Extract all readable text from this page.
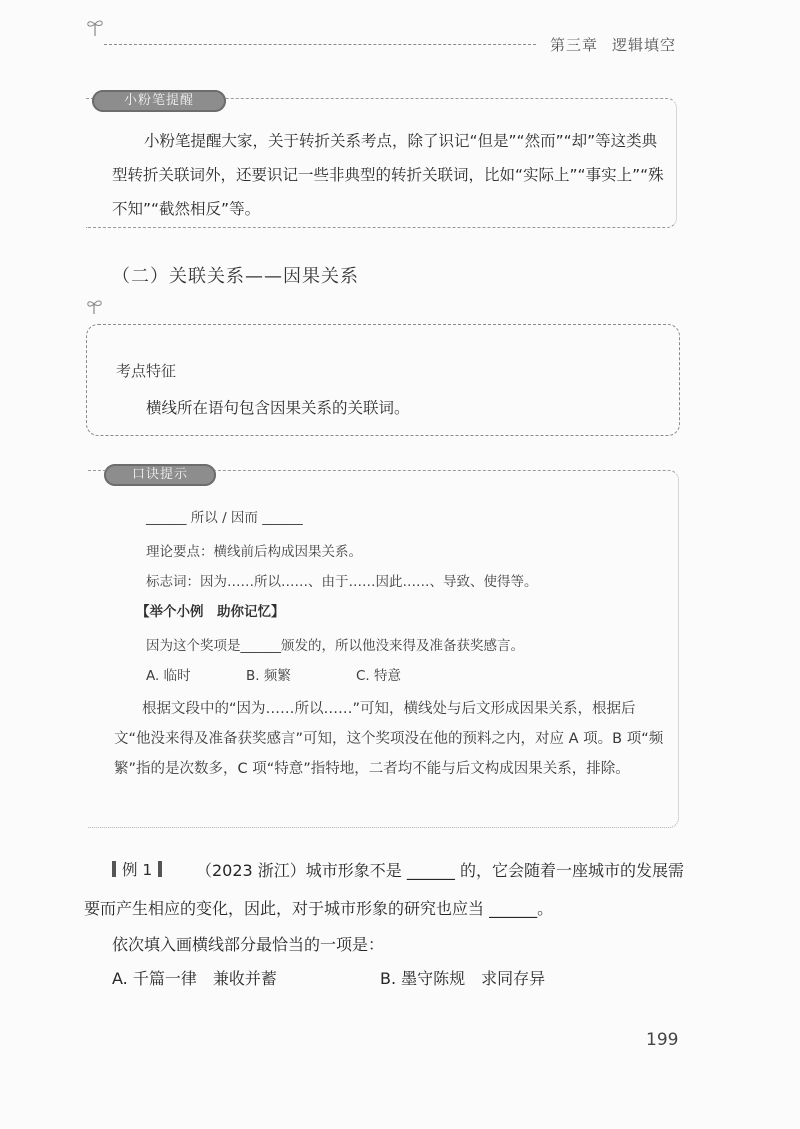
第三章 逻辑填空
小粉笔提醒
小粉笔提醒大家，关于转折关系考点，除了识记“但是”“然而”“却”等这类典型转折关联词外，还要识记一些非典型的转折关联词，比如“实际上”“事实上”“殊不知”“截然相反”等。
（二）关联关系——因果关系
考点特征
横线所在语句包含因果关系的关联词。
口诀提示
______ 所以 / 因而 ______
理论要点：横线前后构成因果关系。
标志词：因为……所以……、由于……因此……、导致、使得等。
【举个小例　助你记忆】
因为这个奖项是______颁发的，所以他没来得及准备获奖感言。
A. 临时	B. 频繁	C. 特意
根据文段中的“因为……所以……”可知，横线处与后文形成因果关系，根据后文“他没来得及准备获奖感言”可知，这个奖项没在他的预料之内，对应 A 项。B 项“频繁”指的是次数多，C 项“特意”指特地，二者均不能与后文构成因果关系，排除。
例 1	（2023 浙江）城市形象不是 ______ 的，它会随着一座城市的发展需要而产生相应的变化，因此，对于城市形象的研究也应当 ______。
依次填入画横线部分最恰当的一项是：
A. 千篇一律　兼收并蓄	B. 墨守陈规　求同存异
199
